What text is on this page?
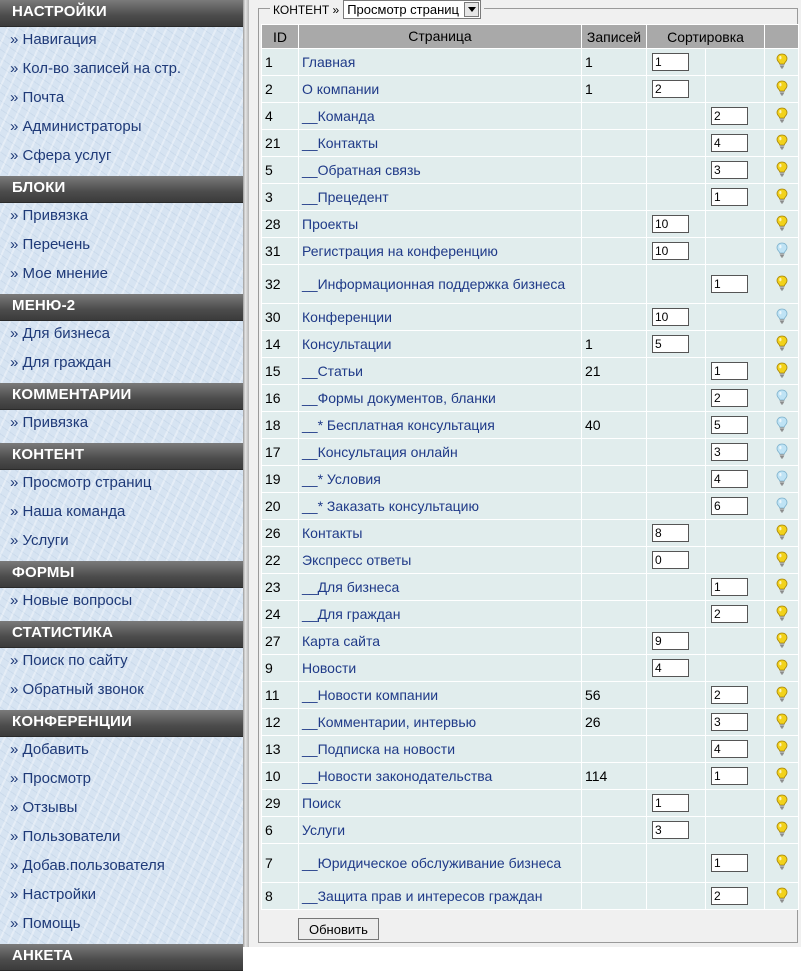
НАСТРОЙКИ
» Навигация
» Кол-во записей на стр.
» Почта
» Администраторы
» Сфера услуг
БЛОКИ
» Привязка
» Перечень
» Мое мнение
МЕНЮ-2
» Для бизнеса
» Для граждан
КОММЕНТАРИИ
» Привязка
КОНТЕНТ
» Просмотр страниц
» Наша команда
» Услуги
ФОРМЫ
» Новые вопросы
СТАТИСТИКА
» Поиск по сайту
» Обратный звонок
КОНФЕРЕНЦИИ
» Добавить
» Просмотр
» Отзывы
» Пользователи
» Добав.пользователя
» Настройки
» Помощь
АНКЕТА
КОНТЕНТ » Просмотр страниц
ID	Страница	Записей	Сортировка		
1	Главная	1	1		
2	О компании	1	2		
4	__Команда			2	
21	__Контакты			4	
5	__Обратная связь			3	
3	__Прецедент			1	
28	Проекты		10		
31	Регистрация на конференцию		10		
32	__Информационная поддержка бизнеса			1	
30	Конференции		10		
14	Консультации	1	5		
15	__Статьи	21		1	
16	__Формы документов, бланки			2	
18	__* Бесплатная консультация	40		5	
17	__Консультация онлайн			3	
19	__* Условия			4	
20	__* Заказать консультацию			6	
26	Контакты		8		
22	Экспресс ответы		0		
23	__Для бизнеса			1	
24	__Для граждан			2	
27	Карта сайта		9		
9	Новости		4		
11	__Новости компании	56		2	
12	__Комментарии, интервью	26		3	
13	__Подписка на новости			4	
10	__Новости законодательства	114		1	
29	Поиск		1		
6	Услуги		3		
7	__Юридическое обслуживание бизнеса			1	
8	__Защита прав и интересов граждан			2	
Обновить
